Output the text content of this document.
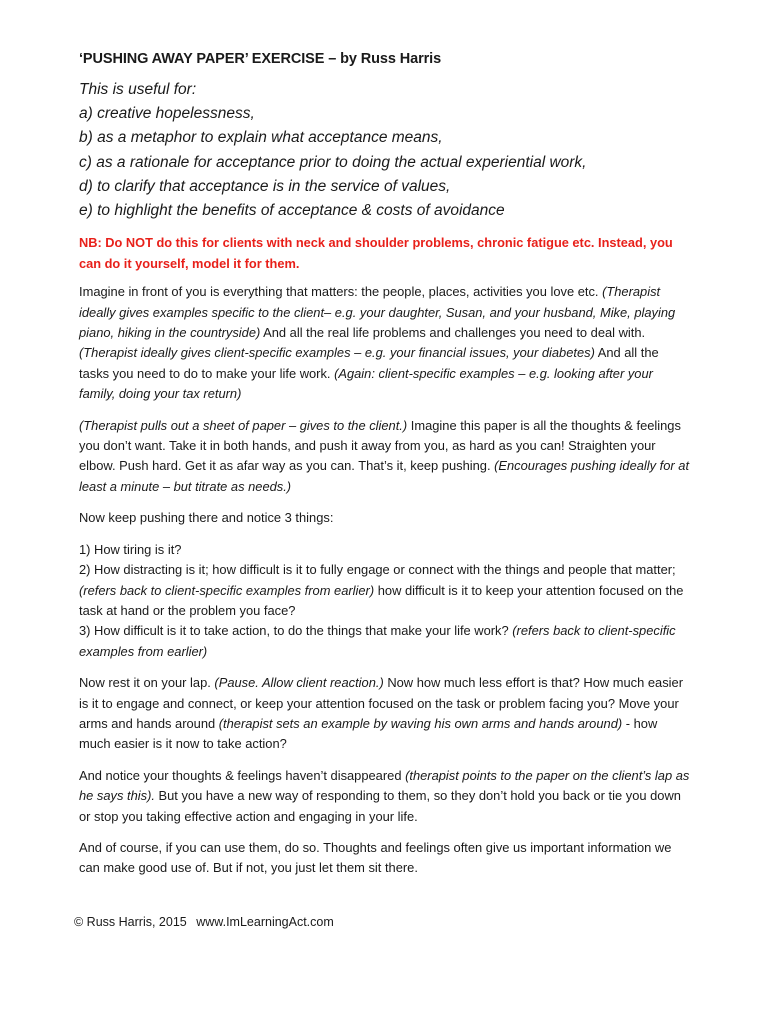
‘PUSHING AWAY PAPER’ EXERCISE – by Russ Harris
This is useful for:
a) creative hopelessness,
b) as a metaphor to explain what acceptance means,
c) as a rationale for acceptance prior to doing the actual experiential work,
d) to clarify that acceptance is in the service of values,
e) to highlight the benefits of acceptance & costs of avoidance
NB: Do NOT do this for clients with neck and shoulder problems, chronic fatigue etc. Instead, you can do it yourself, model it for them.
Imagine in front of you is everything that matters: the people, places, activities you love etc. (Therapist ideally gives examples specific to the client– e.g. your daughter, Susan, and your husband, Mike, playing piano, hiking in the countryside) And all the real life problems and challenges you need to deal with. (Therapist ideally gives client-specific examples – e.g. your financial issues, your diabetes) And all the tasks you need to do to make your life work. (Again: client-specific examples – e.g. looking after your family, doing your tax return)
(Therapist pulls out a sheet of paper – gives to the client.) Imagine this paper is all the thoughts & feelings you don’t want. Take it in both hands, and push it away from you, as hard as you can! Straighten your elbow. Push hard. Get it as afar way as you can. That’s it, keep pushing. (Encourages pushing ideally for at least a minute – but titrate as needs.)
Now keep pushing there and notice 3 things:
1) How tiring is it?
2) How distracting is it; how difficult is it to fully engage or connect with the things and people that matter; (refers back to client-specific examples from earlier) how difficult is it to keep your attention focused on the task at hand or the problem you face?
3) How difficult is it to take action, to do the things that make your life work? (refers back to client-specific examples from earlier)
Now rest it on your lap. (Pause. Allow client reaction.) Now how much less effort is that? How much easier is it to engage and connect, or keep your attention focused on the task or problem facing you? Move your arms and hands around (therapist sets an example by waving his own arms and hands around) - how much easier is it now to take action?
And notice your thoughts & feelings haven’t disappeared (therapist points to the paper on the client’s lap as he says this). But you have a new way of responding to them, so they don’t hold you back or tie you down or stop you taking effective action and engaging in your life.
And of course, if you can use them, do so. Thoughts and feelings often give us important information we can make good use of. But if not, you just let them sit there.
© Russ Harris, 2015 www.ImLearningAct.com
